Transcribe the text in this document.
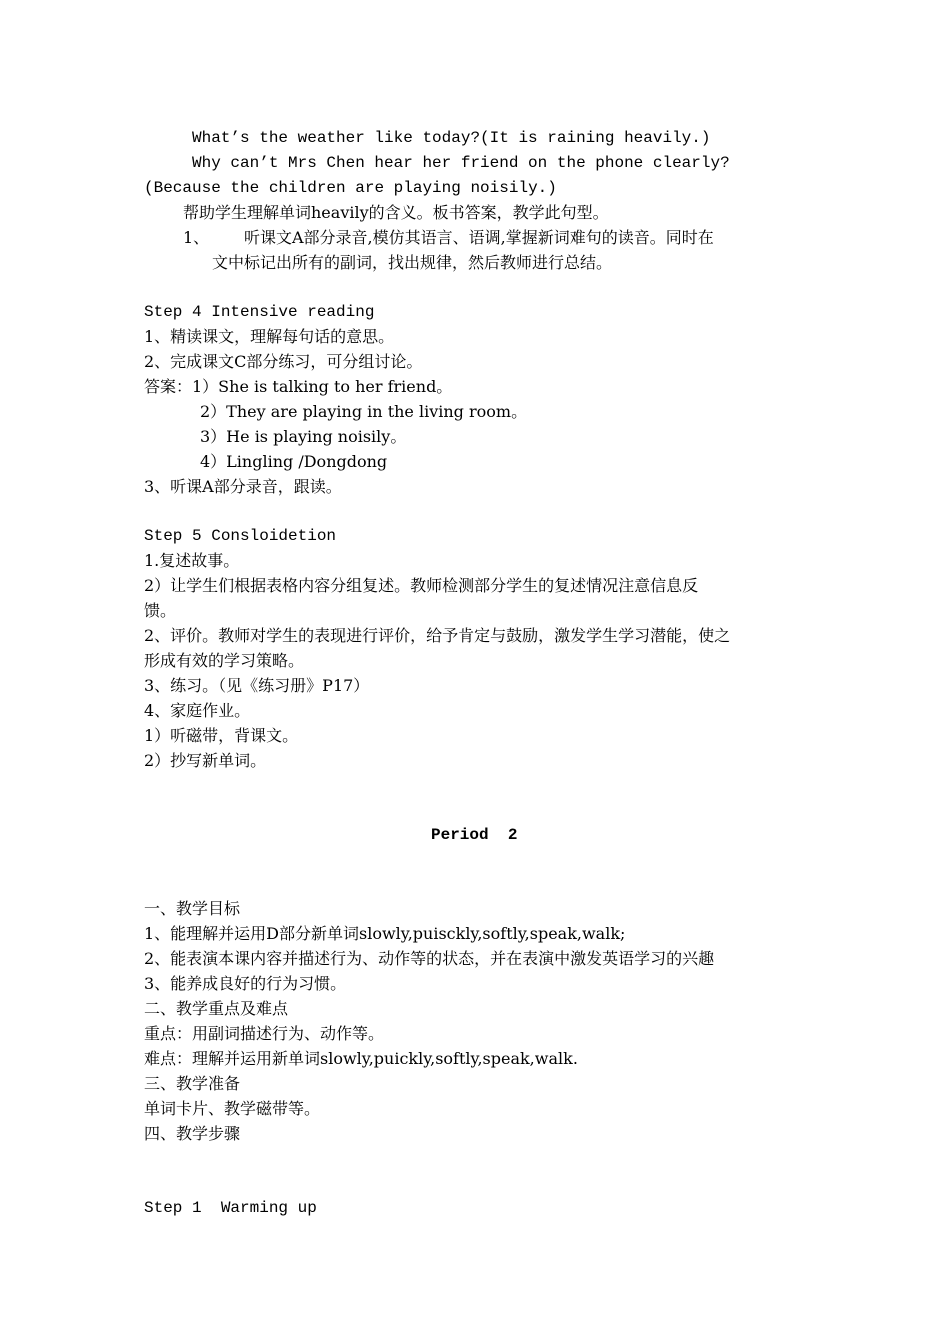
What’s the weather like today?(It is raining heavily.)
Why can’t Mrs Chen hear her friend on the phone clearly?
(Because the children are playing noisily.)
帮助学生理解单词heavily的含义。板书答案，教学此句型。
1、 听课文A部分录音,模仿其语言、语调,掌握新词难句的读音。同时在
文中标记出所有的副词，找出规律，然后教师进行总结。
Step 4 Intensive reading
1、精读课文，理解每句话的意思。
2、完成课文C部分练习，可分组讨论。
答案：1）She is talking to her friend。
2）They are playing in the living room。
3）He is playing noisily。
4）Lingling /Dongdong
3、听课A部分录音，跟读。
Step 5 Consloidetion
1.复述故事。
2）让学生们根据表格内容分组复述。教师检测部分学生的复述情况注意信息反
馈。
2、评价。教师对学生的表现进行评价，给予肯定与鼓励，激发学生学习潜能，使之
形成有效的学习策略。
3、练习。（见《练习册》P17）
4、家庭作业。
1）听磁带，背课文。
2）抄写新单词。
Period  2
一、教学目标
1、能理解并运用D部分新单词slowly,puisckly,softly,speak,walk;
2、能表演本课内容并描述行为、动作等的状态，并在表演中激发英语学习的兴趣
3、能养成良好的行为习惯。
二、教学重点及难点
重点：用副词描述行为、动作等。
难点：理解并运用新单词slowly,puickly,softly,speak,walk.
三、教学准备
单词卡片、教学磁带等。
四、教学步骤
Step 1  Warming up
